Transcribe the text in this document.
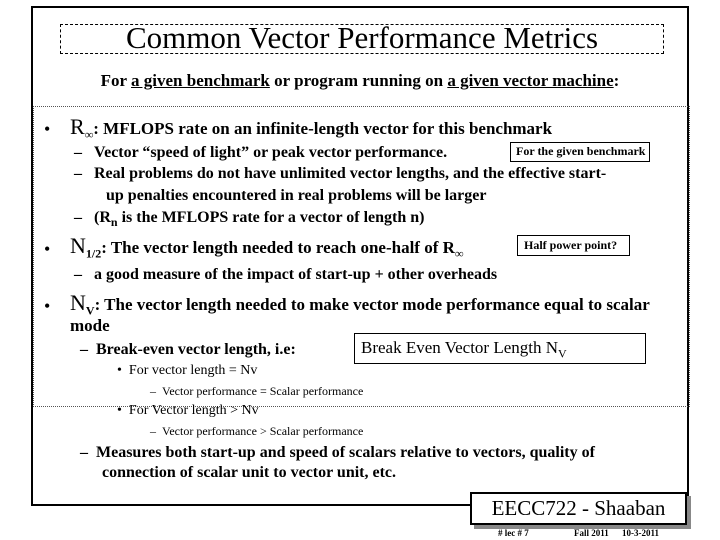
Common Vector Performance Metrics
For a given benchmark or program running on a given vector machine:
• $R_\infty$: MFLOPS rate on an infinite-length vector for this benchmark
–   Vector “speed of light” or peak vector performance.	For the given benchmark
–   Real problems do not have unlimited vector lengths, and the effective start-
up penalties encountered in real problems will be larger
–   ($R_n$ is the MFLOPS rate for a vector of length n)
• $N_{1/2}$: The vector length needed to reach one-half of $R_\infty$
Half power point?
–   a good measure of the impact of start-up + other overheads
• $N_V$: The vector length needed to make vector mode performance equal to scalar
mode
–  Break-even vector length, i.e:	Break Even Vector Length $N_V$
•  For vector length = Nv
–  Vector performance = Scalar performance
•  For Vector length > Nv
–  Vector performance > Scalar performance
–  Measures both start-up and speed of scalars relative to vectors, quality of
connection of scalar unit to vector unit, etc.
EECC722 - Shaaban
# lec # 7	Fall 2011 10-3-2011
